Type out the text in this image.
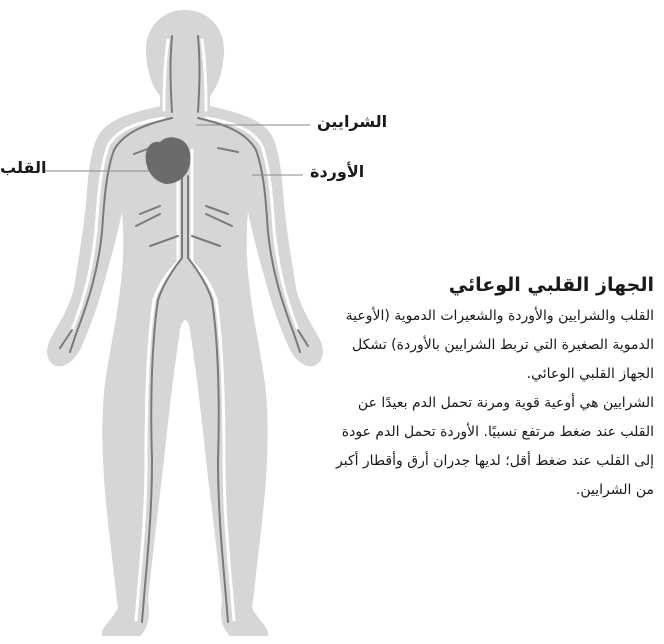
الشرايين
الأوردة
القلب
الجهاز القلبي الوعائي

القلب والشرايين والأوردة والشعيرات الدموية (الأوعية الدموية الصغيرة التي تربط الشرايين بالأوردة) تشكل الجهاز القلبي الوعائي.

الشرايين هي أوعية قوية ومرنة تحمل الدم بعيدًا عن القلب عند ضغط مرتفع نسبيًا. الأوردة تحمل الدم عودة إلى القلب عند ضغط أقل؛ لديها جدران أرق وأقطار أكبر من الشرايين.
